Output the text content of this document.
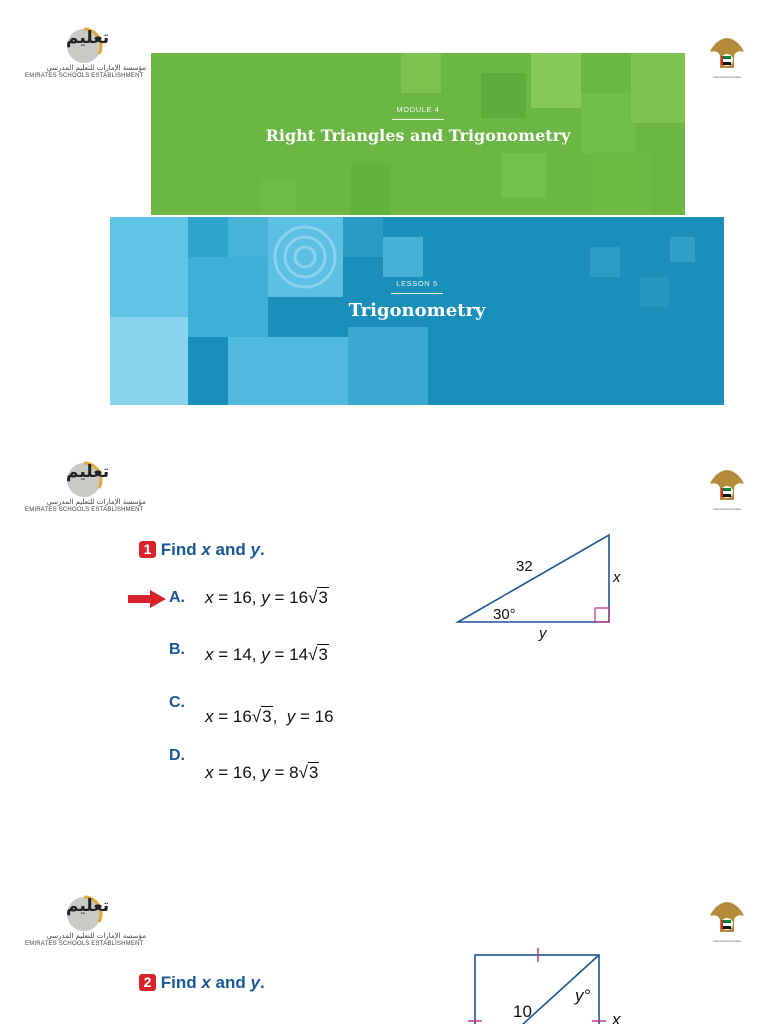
تعليم
مؤسسة الإمارات للتعليم المدرسي
EMIRATES SCHOOLS ESTABLISHMENT	United Arab Emirates
MODULE 4
Right Triangles and Trigonometry
LESSON 5
Trigonometry
تعليم
مؤسسة الإمارات للتعليم المدرسي
EMIRATES SCHOOLS ESTABLISHMENT	United Arab Emirates
1 Find x and y.
A. x = 16, y = 16√3
B. x = 14, y = 14√3
C.
x = 16√3,  y = 16
D.
x = 16, y = 8√3
32
x
30°
y
تعليم
مؤسسة الإمارات للتعليم المدرسي
EMIRATES SCHOOLS ESTABLISHMENT	United Arab Emirates
2 Find x and y.

10
y°
x
